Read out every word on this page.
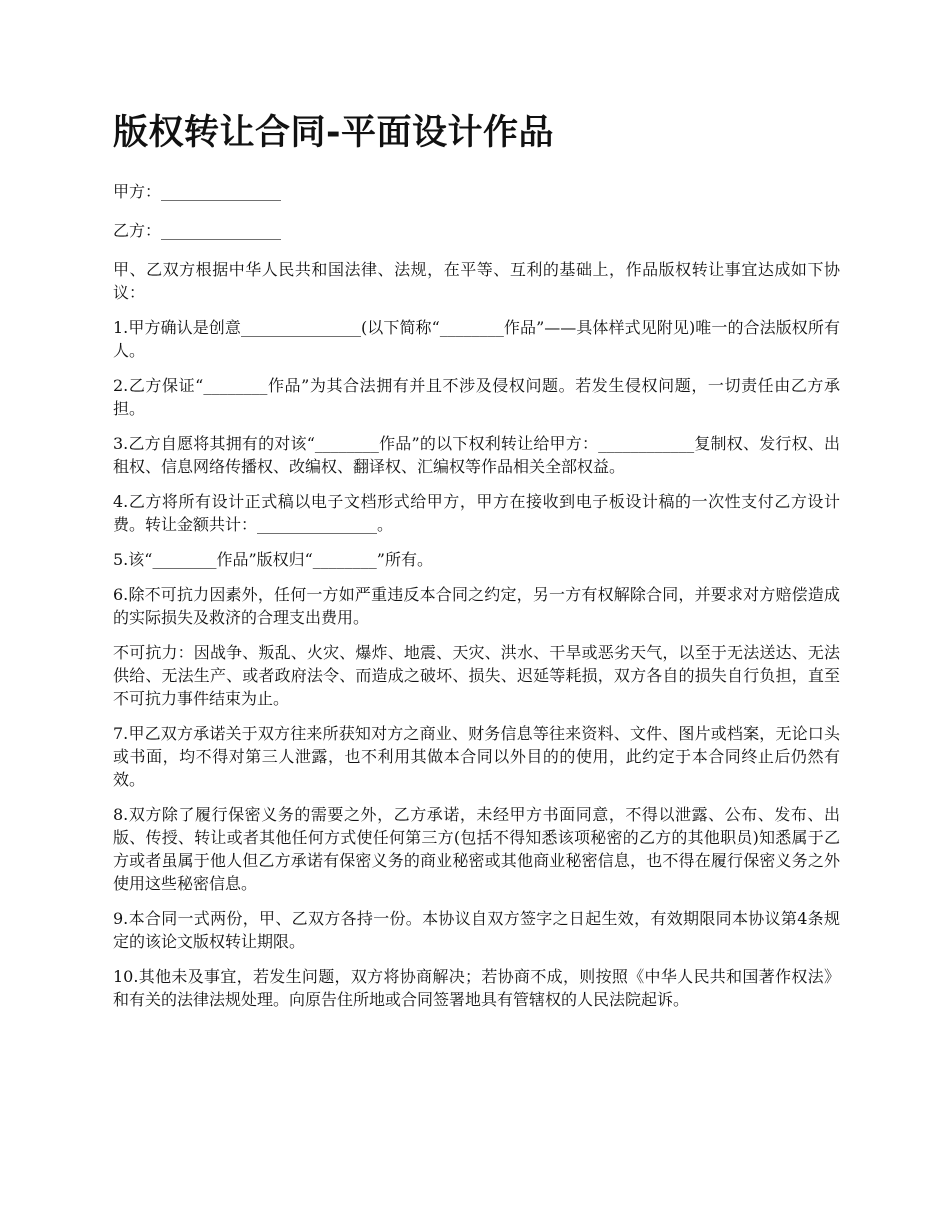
版权转让合同-平面设计作品

甲方：_______________

乙方：_______________

甲、乙双方根据中华人民共和国法律、法规，在平等、互利的基础上，作品版权转让事宜达成如下协议：

1.甲方确认是创意_______________(以下简称“________作品”——具体样式见附见)唯一的合法版权所有人。

2.乙方保证“________作品”为其合法拥有并且不涉及侵权问题。若发生侵权问题，一切责任由乙方承担。

3.乙方自愿将其拥有的对该“________作品”的以下权利转让给甲方：____________复制权、发行权、出租权、信息网络传播权、改编权、翻译权、汇编权等作品相关全部权益。

4.乙方将所有设计正式稿以电子文档形式给甲方，甲方在接收到电子板设计稿的一次性支付乙方设计费。转让金额共计：_______________。

5.该“________作品”版权归“________”所有。

6.除不可抗力因素外，任何一方如严重违反本合同之约定，另一方有权解除合同，并要求对方赔偿造成的实际损失及救济的合理支出费用。

不可抗力：因战争、叛乱、火灾、爆炸、地震、天灾、洪水、干旱或恶劣天气，以至于无法送达、无法供给、无法生产、或者政府法令、而造成之破坏、损失、迟延等耗损，双方各自的损失自行负担，直至不可抗力事件结束为止。

7.甲乙双方承诺关于双方往来所获知对方之商业、财务信息等往来资料、文件、图片或档案，无论口头或书面，均不得对第三人泄露，也不利用其做本合同以外目的的使用，此约定于本合同终止后仍然有效。

8.双方除了履行保密义务的需要之外，乙方承诺，未经甲方书面同意，不得以泄露、公布、发布、出版、传授、转让或者其他任何方式使任何第三方(包括不得知悉该项秘密的乙方的其他职员)知悉属于乙方或者虽属于他人但乙方承诺有保密义务的商业秘密或其他商业秘密信息，也不得在履行保密义务之外使用这些秘密信息。

9.本合同一式两份，甲、乙双方各持一份。本协议自双方签字之日起生效，有效期限同本协议第4条规定的该论文版权转让期限。

10.其他未及事宜，若发生问题，双方将协商解决；若协商不成，则按照《中华人民共和国著作权法》和有关的法律法规处理。向原告住所地或合同签署地具有管辖权的人民法院起诉。
